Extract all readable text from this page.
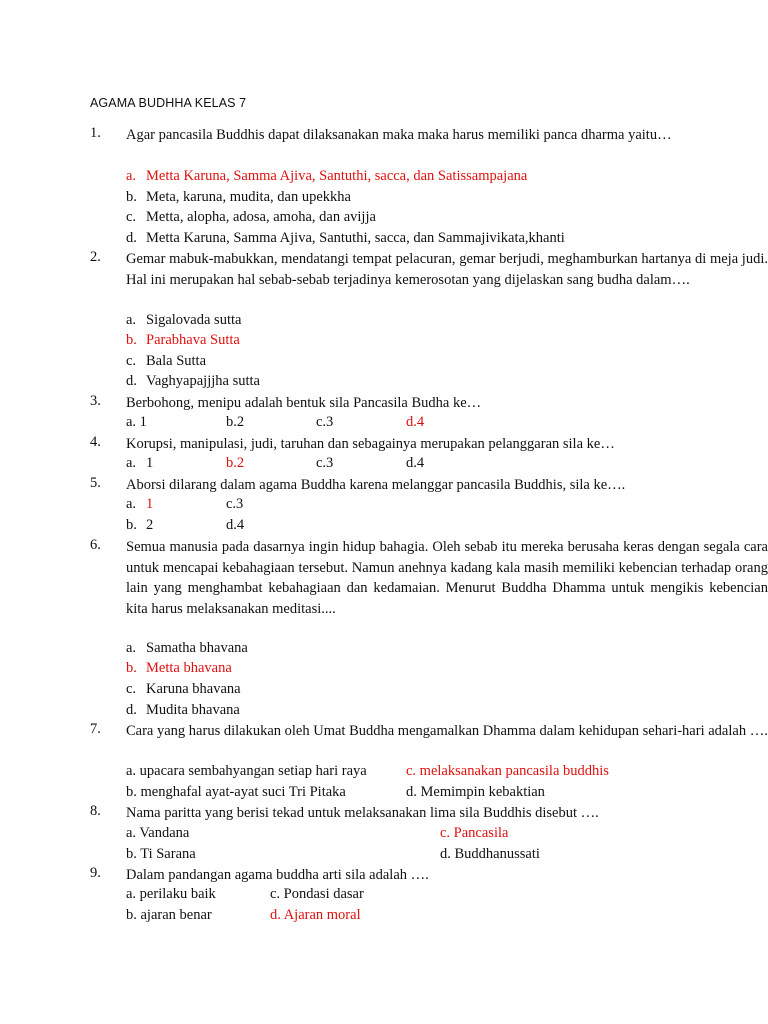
AGAMA BUDHHA KELAS 7
1.	Agar pancasila Buddhis dapat dilaksanakan maka maka harus memiliki panca dharma yaitu…
a. Metta Karuna, Samma Ajiva, Santuthi, sacca, dan Satissampajana
b. Meta, karuna, mudita, dan upekkha
c. Metta, alopha, adosa, amoha, dan avijja
d. Metta Karuna, Samma Ajiva, Santuthi, sacca, dan Sammajivikata,khanti
2.	Gemar mabuk-mabukkan, mendatangi tempat pelacuran, gemar berjudi, meghamburkan hartanya di meja judi. Hal ini merupakan hal sebab-sebab terjadinya kemerosotan yang dijelaskan sang budha dalam….
a. Sigalovada sutta
b. Parabhava Sutta
c. Bala Sutta
d. Vaghyapajjjha sutta
3.	Berbohong, menipu adalah bentuk sila Pancasila Budha ke…
a. 1	b.2	c.3	d.4
4.	Korupsi, manipulasi, judi, taruhan dan sebagainya merupakan pelanggaran sila ke…
a. 1	b.2	c.3	d.4
5.	Aborsi dilarang dalam agama Buddha karena melanggar pancasila Buddhis, sila ke….
a. 1	c.3
b. 2	d.4
6.	Semua manusia pada dasarnya ingin hidup bahagia. Oleh sebab itu mereka berusaha keras dengan segala cara untuk mencapai kebahagiaan tersebut. Namun anehnya kadang kala masih memiliki kebencian terhadap orang lain yang menghambat kebahagiaan dan kedamaian. Menurut Buddha Dhamma untuk mengikis kebencian kita harus melaksanakan meditasi....
a. Samatha bhavana
b. Metta bhavana
c. Karuna bhavana
d. Mudita bhavana
7.	Cara yang harus dilakukan oleh Umat Buddha mengamalkan Dhamma dalam kehidupan sehari-hari adalah ….
a. upacara sembahyangan setiap hari raya	c. melaksanakan pancasila buddhis
b. menghafal ayat-ayat suci Tri Pitaka	d. Memimpin kebaktian
8.	Nama paritta yang berisi tekad untuk melaksanakan lima sila Buddhis disebut ….
a. Vandana	c. Pancasila
b. Ti Sarana	d. Buddhanussati
9.	Dalam pandangan agama buddha arti sila adalah ….
a. perilaku baik	c. Pondasi dasar
b. ajaran benar	d. Ajaran moral
